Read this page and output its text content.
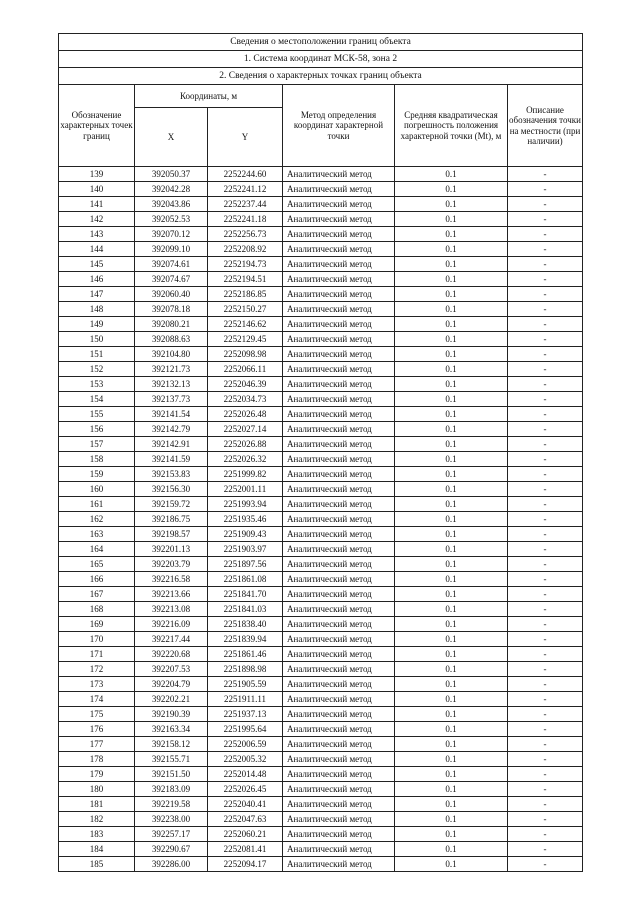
Сведения о местоположении границ объекта					
1. Система координат МСК-58, зона 2					
2. Сведения о характерных точках границ объекта					
Обозначение характерных точек границ	Координаты, м		Метод определения координат характерной точки	Средняя квадратическая погрешность положения характерной точки (Mt), м	Описание обозначения точки на местности (при наличии)
	X	Y			
139	392050.37	2252244.60	Аналитический метод	0.1	-
140	392042.28	2252241.12	Аналитический метод	0.1	-
141	392043.86	2252237.44	Аналитический метод	0.1	-
142	392052.53	2252241.18	Аналитический метод	0.1	-
143	392070.12	2252256.73	Аналитический метод	0.1	-
144	392099.10	2252208.92	Аналитический метод	0.1	-
145	392074.61	2252194.73	Аналитический метод	0.1	-
146	392074.67	2252194.51	Аналитический метод	0.1	-
147	392060.40	2252186.85	Аналитический метод	0.1	-
148	392078.18	2252150.27	Аналитический метод	0.1	-
149	392080.21	2252146.62	Аналитический метод	0.1	-
150	392088.63	2252129.45	Аналитический метод	0.1	-
151	392104.80	2252098.98	Аналитический метод	0.1	-
152	392121.73	2252066.11	Аналитический метод	0.1	-
153	392132.13	2252046.39	Аналитический метод	0.1	-
154	392137.73	2252034.73	Аналитический метод	0.1	-
155	392141.54	2252026.48	Аналитический метод	0.1	-
156	392142.79	2252027.14	Аналитический метод	0.1	-
157	392142.91	2252026.88	Аналитический метод	0.1	-
158	392141.59	2252026.32	Аналитический метод	0.1	-
159	392153.83	2251999.82	Аналитический метод	0.1	-
160	392156.30	2252001.11	Аналитический метод	0.1	-
161	392159.72	2251993.94	Аналитический метод	0.1	-
162	392186.75	2251935.46	Аналитический метод	0.1	-
163	392198.57	2251909.43	Аналитический метод	0.1	-
164	392201.13	2251903.97	Аналитический метод	0.1	-
165	392203.79	2251897.56	Аналитический метод	0.1	-
166	392216.58	2251861.08	Аналитический метод	0.1	-
167	392213.66	2251841.70	Аналитический метод	0.1	-
168	392213.08	2251841.03	Аналитический метод	0.1	-
169	392216.09	2251838.40	Аналитический метод	0.1	-
170	392217.44	2251839.94	Аналитический метод	0.1	-
171	392220.68	2251861.46	Аналитический метод	0.1	-
172	392207.53	2251898.98	Аналитический метод	0.1	-
173	392204.79	2251905.59	Аналитический метод	0.1	-
174	392202.21	2251911.11	Аналитический метод	0.1	-
175	392190.39	2251937.13	Аналитический метод	0.1	-
176	392163.34	2251995.64	Аналитический метод	0.1	-
177	392158.12	2252006.59	Аналитический метод	0.1	-
178	392155.71	2252005.32	Аналитический метод	0.1	-
179	392151.50	2252014.48	Аналитический метод	0.1	-
180	392183.09	2252026.45	Аналитический метод	0.1	-
181	392219.58	2252040.41	Аналитический метод	0.1	-
182	392238.00	2252047.63	Аналитический метод	0.1	-
183	392257.17	2252060.21	Аналитический метод	0.1	-
184	392290.67	2252081.41	Аналитический метод	0.1	-
185	392286.00	2252094.17	Аналитический метод	0.1	-
